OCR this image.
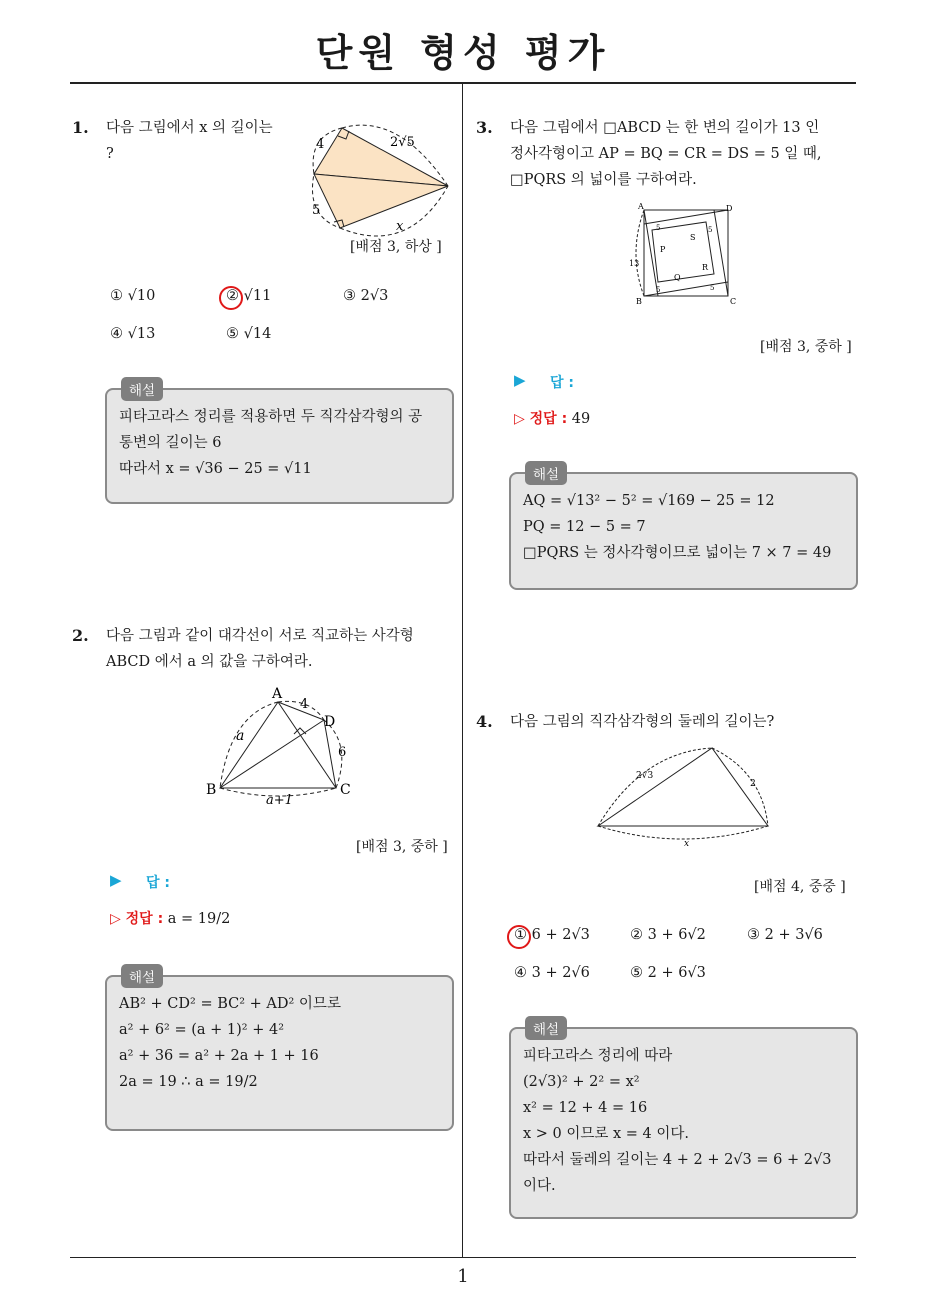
단원 형성 평가
1
1. 다음 그림에서 x 의 길이는
?
4	2√5
5
x
[배점 3, 하상 ]
① √10	② √11	③ 2√3
④ √13	⑤ √14
해설
피타고라스 정리를 적용하면 두 직각삼각형의 공
통변의 길이는 6
따라서 x = √36 − 25 = √11
2. 다음 그림과 같이 대각선이 서로 직교하는 사각형
ABCD 에서 a 의 값을 구하여라.
A
4
D
a
6
B
a+1
C
[배점 3, 중하 ]
▶ 답 :
▷ 정답 : a = 19/2
해설
AB² + CD² = BC² + AD² 이므로
a² + 6² = (a + 1)² + 4²
a² + 36 = a² + 2a + 1 + 16
2a = 19 ∴ a = 19/2
3. 다음 그림에서 □ABCD 는 한 변의 길이가 13 인
정사각형이고 AP = BQ = CR = DS = 5 일 때,
□PQRS 의 넓이를 구하여라.
A	D
B	C
P
Q
R
S
5
5	5
5
13
[배점 3, 중하 ]
▶ 답 :
▷ 정답 : 49
해설
AQ = √13² − 5² = √169 − 25 = 12
PQ = 12 − 5 = 7
□PQRS 는 정사각형이므로 넓이는 7 × 7 = 49
4. 다음 그림의 직각삼각형의 둘레의 길이는?
2√3
2
x
[배점 4, 중중 ]
① 6 + 2√3	② 3 + 6√2	③ 2 + 3√6
④ 3 + 2√6	⑤ 2 + 6√3
해설
피타고라스 정리에 따라
(2√3)² + 2² = x²
x² = 12 + 4 = 16
x > 0 이므로 x = 4 이다.
따라서 둘레의 길이는 4 + 2 + 2√3 = 6 + 2√3
이다.
